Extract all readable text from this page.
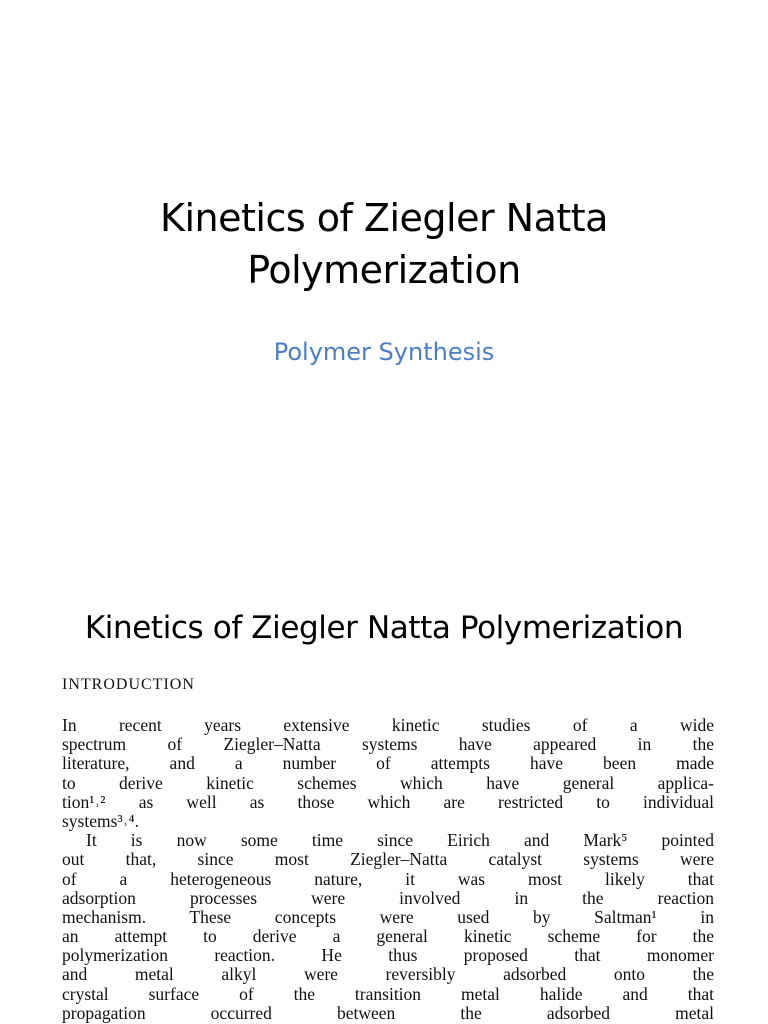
Kinetics of Ziegler Natta
Polymerization
Polymer Synthesis
Kinetics of Ziegler Natta Polymerization
INTRODUCTION
In recent years extensive kinetic studies of a wide
spectrum of Ziegler–Natta systems have appeared in the
literature, and a number of attempts have been made
to derive kinetic schemes which have general applica-
tion¹˒² as well as those which are restricted to individual
systems³˒⁴.
It is now some time since Eirich and Mark⁵ pointed
out that, since most Ziegler–Natta catalyst systems were
of a heterogeneous nature, it was most likely that
adsorption processes were involved in the reaction
mechanism. These concepts were used by Saltman¹ in
an attempt to derive a general kinetic scheme for the
polymerization reaction. He thus proposed that monomer
and metal alkyl were reversibly adsorbed onto the
crystal surface of the transition metal halide and that
propagation occurred between the adsorbed metal
